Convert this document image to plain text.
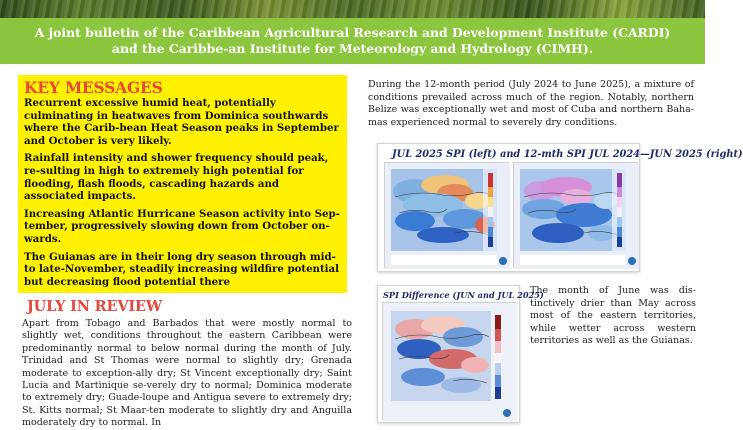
A joint bulletin of the Caribbean Agricultural Research and Development Institute (CARDI) and the Caribbe-an Institute for Meteorology and Hydrology (CIMH).
KEY MESSAGES

Recurrent excessive humid heat, potentially culminating in heatwaves from Dominica southwards where the Carib-bean Heat Season peaks in September and October is very likely.

Rainfall intensity and shower frequency should peak, re-sulting in high to extremely high potential for flooding, flash floods, cascading hazards and associated impacts.

Increasing Atlantic Hurricane Season activity into Sep-tember, progressively slowing down from October on-wards.

The Guianas are in their long dry season through mid- to late-November, steadily increasing wildfire potential but decreasing flood potential there

JULY IN REVIEW

Apart from Tobago and Barbados that were mostly normal to slightly wet, conditions throughout the eastern Caribbean were predominantly normal to below normal during the month of July. Trinidad and St Thomas were normal to slightly dry; Grenada moderate to exception-ally dry; St Vincent exceptionally dry; Saint Lucia and Martinique se-verely dry to normal; Dominica moderate to extremely dry; Guade-loupe and Antigua severe to extremely dry; St. Kitts normal; St Maar-ten moderate to slightly dry and Anguilla moderately dry to normal. In

During the 12-month period (July 2024 to June 2025), a mixture of conditions prevailed across much of the region. Notably, northern Belize was exceptionally wet and most of Cuba and northern Baha-mas experienced normal to severely dry conditions.

JUL 2025 SPI (left) and 12-mth SPI JUL 2024—JUN 2025 (right)
SPI Difference (JUN and JUL 2025)

The month of June was dis-tinctively drier than May across most of the eastern territories, while wetter across western territories as well as the Guianas.
